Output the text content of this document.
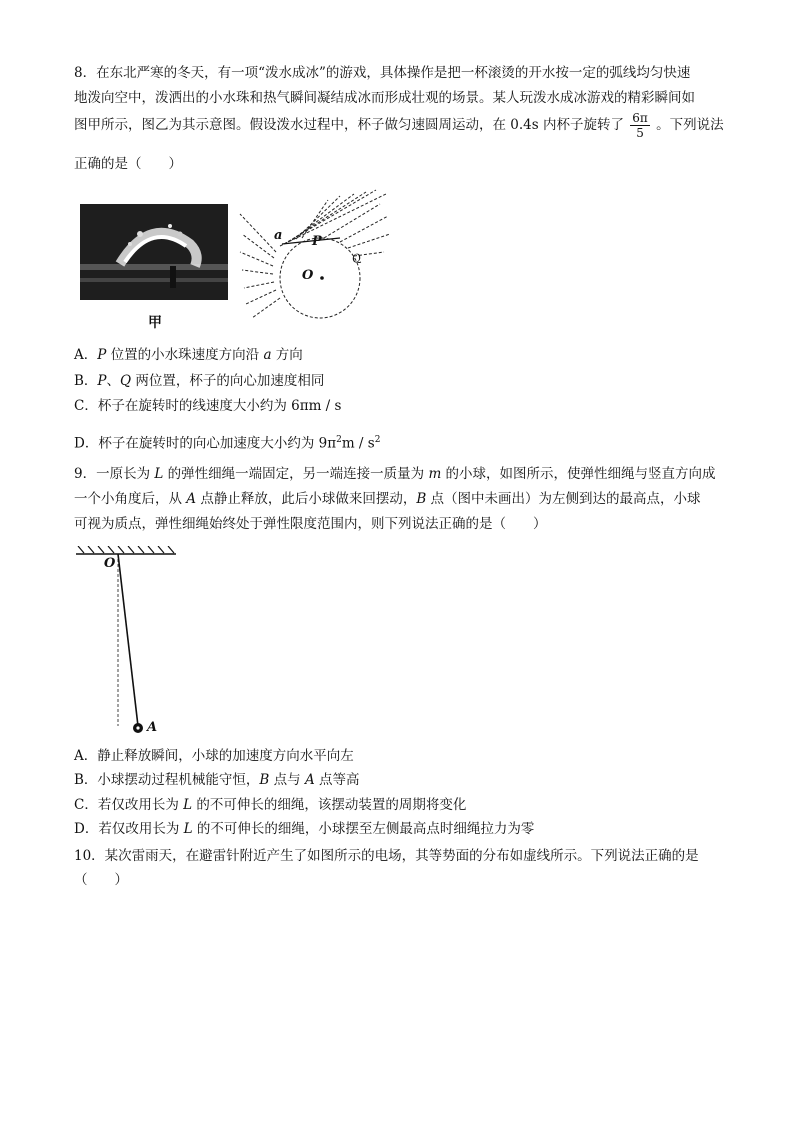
8．在东北严寒的冬天，有一项“泼水成冰”的游戏，具体操作是把一杯滚烫的开水按一定的弧线均匀快速
地泼向空中，泼洒出的小水珠和热气瞬间凝结成冰而形成壮观的场景。某人玩泼水成冰游戏的精彩瞬间如
图甲所示，图乙为其示意图。假设泼水过程中，杯子做匀速圆周运动，在 0.4s 内杯子旋转了 $\frac{6\pi}{5}$ 。下列说法
正确的是（　　）
甲
a P
Q
O
A．P 位置的小水珠速度方向沿 a 方向
B．P、Q 两位置，杯子的向心加速度相同
C．杯子在旋转时的线速度大小约为 6πm / s
D．杯子在旋转时的向心加速度大小约为 $9\pi^2m / s^2$
9．一原长为 L 的弹性细绳一端固定，另一端连接一质量为 m 的小球，如图所示，使弹性细绳与竖直方向成
一个小角度后，从 A 点静止释放，此后小球做来回摆动，B 点（图中未画出）为左侧到达的最高点，小球
可视为质点，弹性细绳始终处于弹性限度范围内，则下列说法正确的是（　　）
O
A
A．静止释放瞬间，小球的加速度方向水平向左
B．小球摆动过程机械能守恒，B 点与 A 点等高
C．若仅改用长为 L 的不可伸长的细绳，该摆动装置的周期将变化
D．若仅改用长为 L 的不可伸长的细绳，小球摆至左侧最高点时细绳拉力为零
10．某次雷雨天，在避雷针附近产生了如图所示的电场，其等势面的分布如虚线所示。下列说法正确的是
（　　）
